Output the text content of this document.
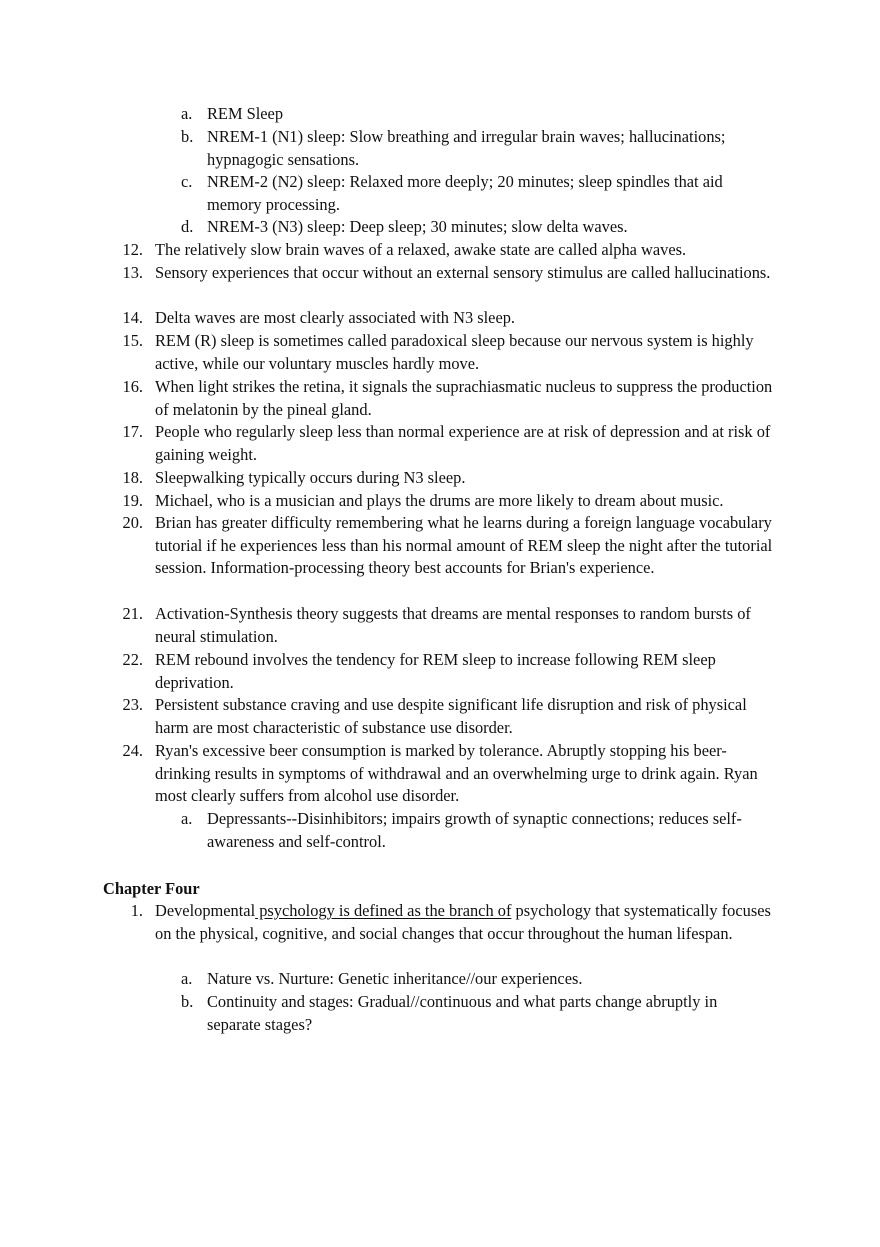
a. REM Sleep
b. NREM-1 (N1) sleep: Slow breathing and irregular brain waves; hallucinations; hypnagogic sensations.
c. NREM-2 (N2) sleep: Relaxed more deeply; 20 minutes; sleep spindles that aid memory processing.
d. NREM-3 (N3) sleep: Deep sleep; 30 minutes; slow delta waves.
12. The relatively slow brain waves of a relaxed, awake state are called alpha waves.
13. Sensory experiences that occur without an external sensory stimulus are called hallucinations.
14. Delta waves are most clearly associated with N3 sleep.
15. REM (R) sleep is sometimes called paradoxical sleep because our nervous system is highly active, while our voluntary muscles hardly move.
16. When light strikes the retina, it signals the suprachiasmatic nucleus to suppress the production of melatonin by the pineal gland.
17. People who regularly sleep less than normal experience are at risk of depression and at risk of gaining weight.
18. Sleepwalking typically occurs during N3 sleep.
19. Michael, who is a musician and plays the drums are more likely to dream about music.
20. Brian has greater difficulty remembering what he learns during a foreign language vocabulary tutorial if he experiences less than his normal amount of REM sleep the night after the tutorial session. Information-processing theory best accounts for Brian's experience.
21. Activation-Synthesis theory suggests that dreams are mental responses to random bursts of neural stimulation.
22. REM rebound involves the tendency for REM sleep to increase following REM sleep deprivation.
23. Persistent substance craving and use despite significant life disruption and risk of physical harm are most characteristic of substance use disorder.
24. Ryan's excessive beer consumption is marked by tolerance. Abruptly stopping his beer-drinking results in symptoms of withdrawal and an overwhelming urge to drink again. Ryan most clearly suffers from alcohol use disorder.
a. Depressants--Disinhibitors; impairs growth of synaptic connections; reduces self-awareness and self-control.
Chapter Four
1. Developmental psychology is defined as the branch of psychology that systematically focuses on the physical, cognitive, and social changes that occur throughout the human lifespan.
a. Nature vs. Nurture: Genetic inheritance//our experiences.
b. Continuity and stages: Gradual//continuous and what parts change abruptly in separate stages?
